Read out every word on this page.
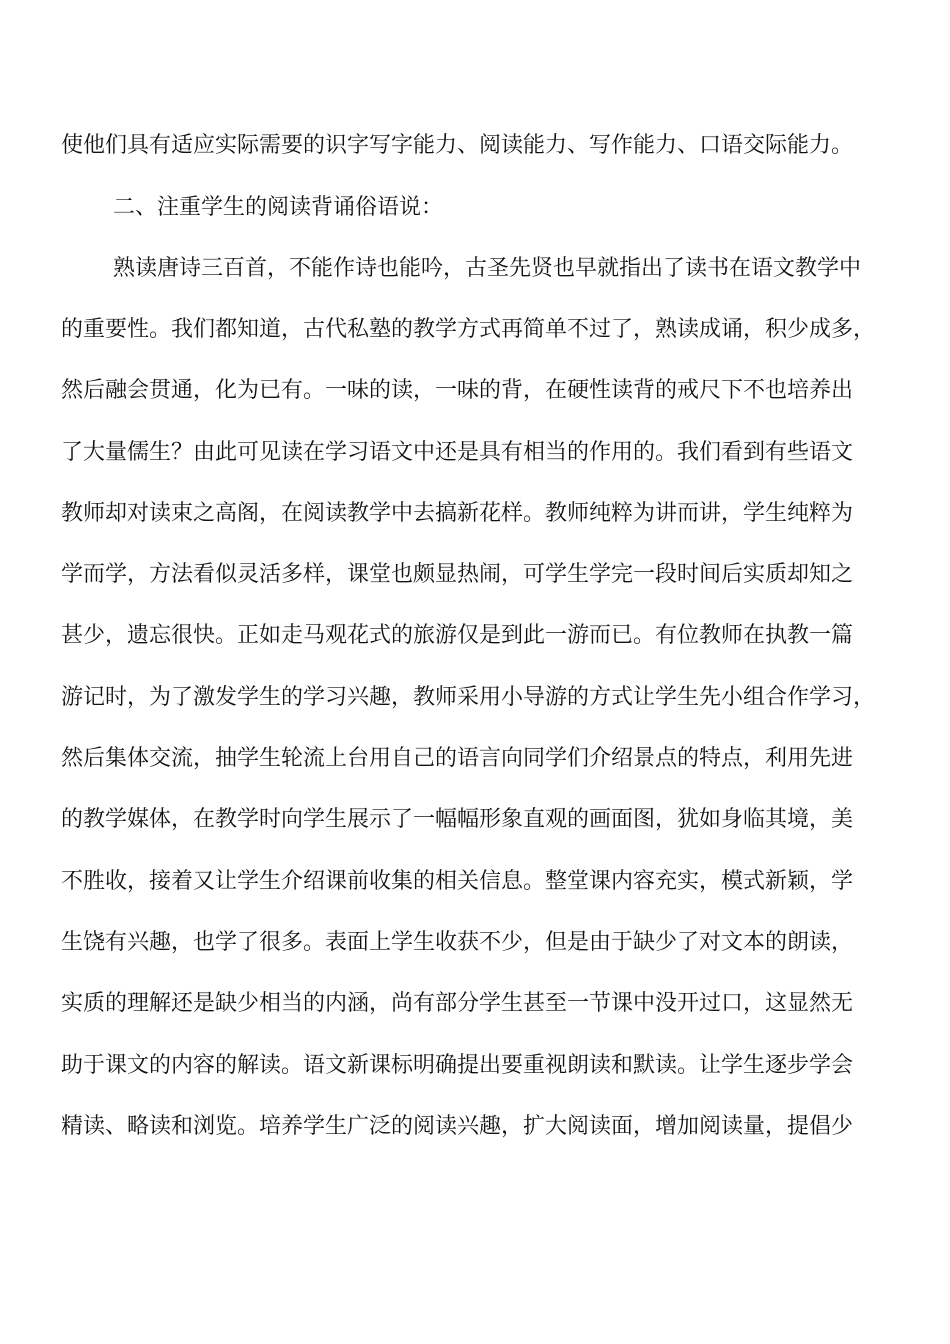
使他们具有适应实际需要的识字写字能力、阅读能力、写作能力、口语交际能力。
二、注重学生的阅读背诵俗语说：
熟读唐诗三百首，不能作诗也能吟，古圣先贤也早就指出了读书在语文教学中
的重要性。我们都知道，古代私塾的教学方式再简单不过了，熟读成诵，积少成多，
然后融会贯通，化为已有。一味的读，一味的背，在硬性读背的戒尺下不也培养出
了大量儒生？由此可见读在学习语文中还是具有相当的作用的。我们看到有些语文
教师却对读束之高阁，在阅读教学中去搞新花样。教师纯粹为讲而讲，学生纯粹为
学而学，方法看似灵活多样，课堂也颇显热闹，可学生学完一段时间后实质却知之
甚少，遗忘很快。正如走马观花式的旅游仅是到此一游而已。有位教师在执教一篇
游记时，为了激发学生的学习兴趣，教师采用小导游的方式让学生先小组合作学习，
然后集体交流，抽学生轮流上台用自己的语言向同学们介绍景点的特点，利用先进
的教学媒体，在教学时向学生展示了一幅幅形象直观的画面图，犹如身临其境，美
不胜收，接着又让学生介绍课前收集的相关信息。整堂课内容充实，模式新颖，学
生饶有兴趣，也学了很多。表面上学生收获不少，但是由于缺少了对文本的朗读，
实质的理解还是缺少相当的内涵，尚有部分学生甚至一节课中没开过口，这显然无
助于课文的内容的解读。语文新课标明确提出要重视朗读和默读。让学生逐步学会
精读、略读和浏览。培养学生广泛的阅读兴趣，扩大阅读面，增加阅读量，提倡少
